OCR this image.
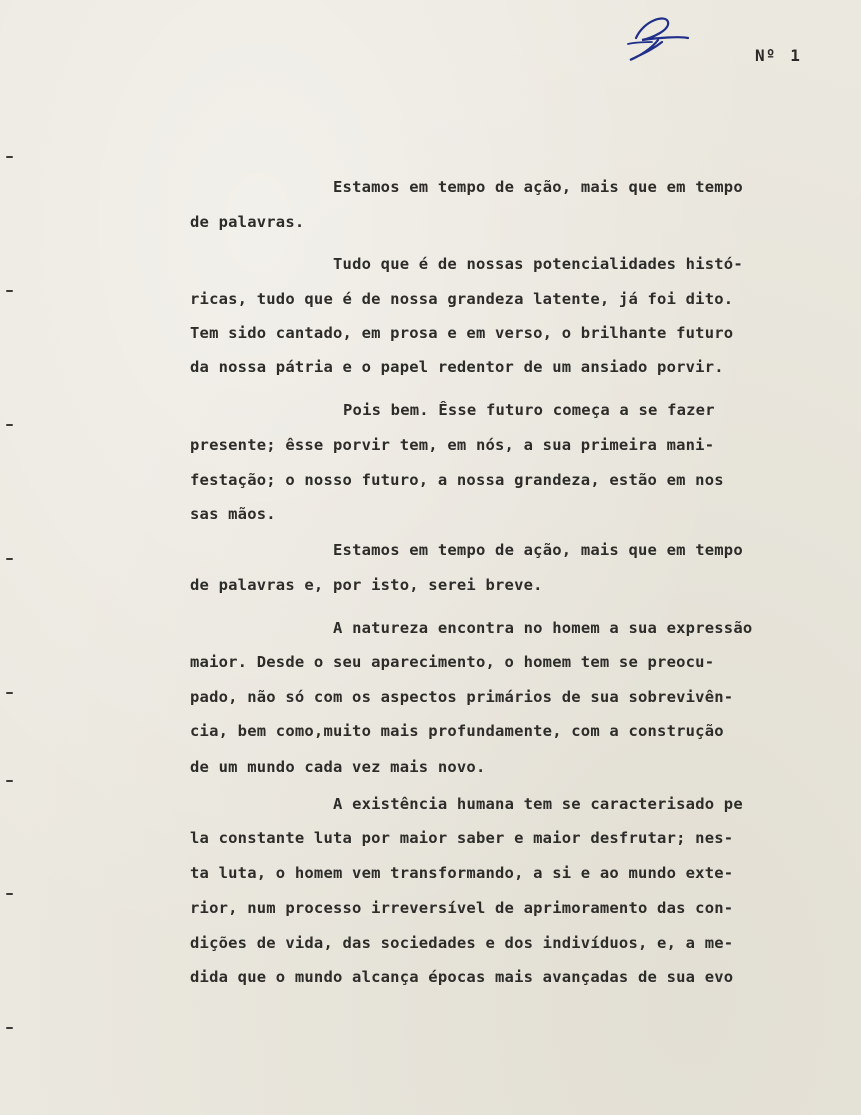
Nº 1
Estamos em tempo de ação, mais que em tempo
de palavras.
Tudo que é de nossas potencialidades histó-
ricas, tudo que é de nossa grandeza latente, já foi dito.
Tem sido cantado, em prosa e em verso, o brilhante futuro
da nossa pátria e o papel redentor de um ansiado porvir.
Pois bem. Êsse futuro começa a se fazer
presente; êsse porvir tem, em nós, a sua primeira mani-
festação; o nosso futuro, a nossa grandeza, estão em nos
sas mãos.
Estamos em tempo de ação, mais que em tempo
de palavras e, por isto, serei breve.
A natureza encontra no homem a sua expressão
maior. Desde o seu aparecimento, o homem tem se preocu-
pado, não só com os aspectos primários de sua sobrevivên-
cia, bem como,muito mais profundamente, com a construção
de um mundo cada vez mais novo.
A existência humana tem se caracterisado pe
la constante luta por maior saber e maior desfrutar; nes-
ta luta, o homem vem transformando, a si e ao mundo exte-
rior, num processo irreversível de aprimoramento das con-
dições de vida, das sociedades e dos indivíduos, e, a me-
dida que o mundo alcança épocas mais avançadas de sua evo
